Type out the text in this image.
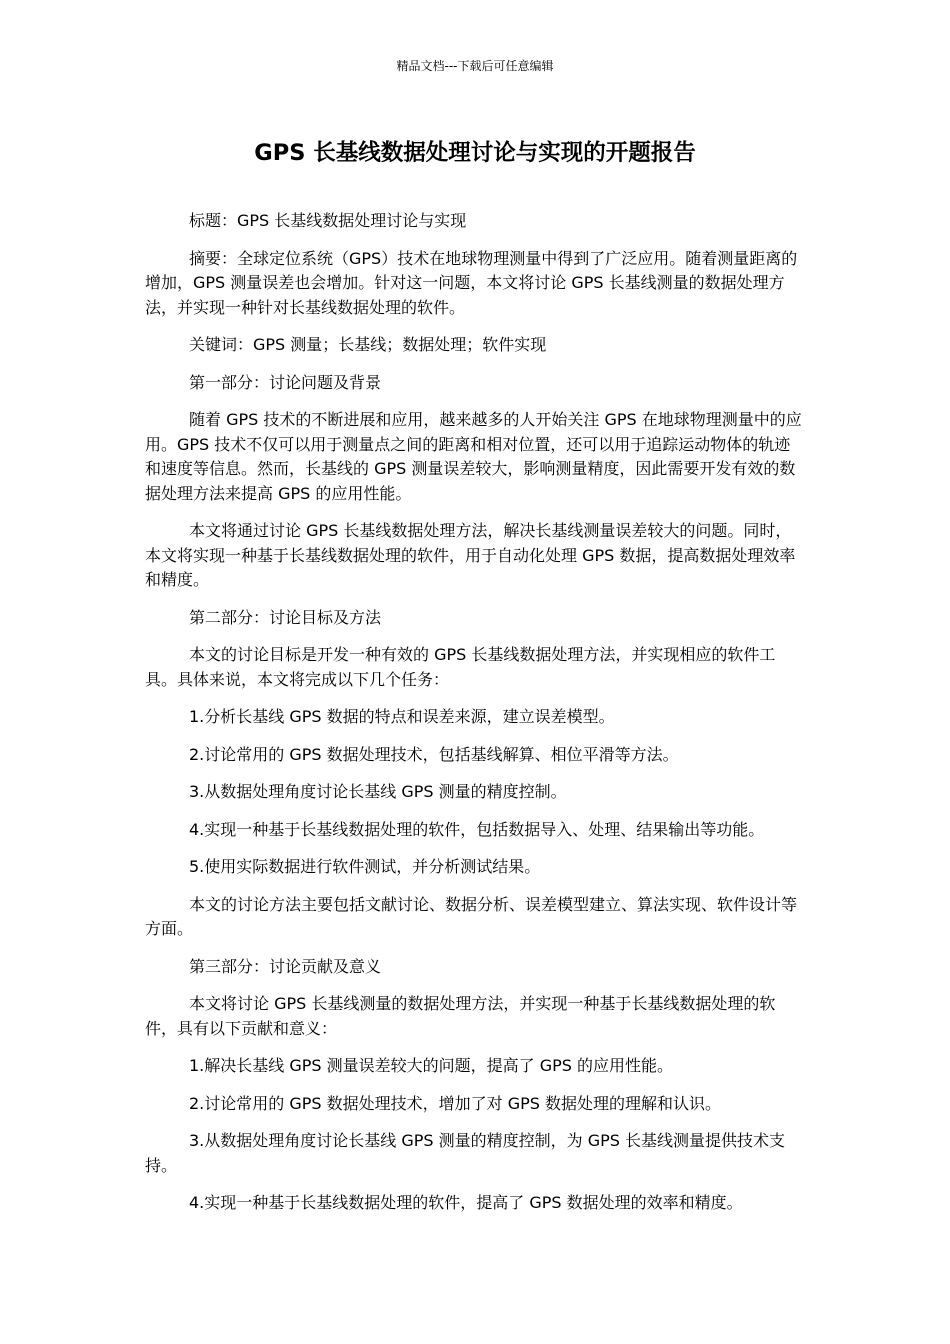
精品文档---下载后可任意编辑
GPS 长基线数据处理讨论与实现的开题报告

标题：GPS 长基线数据处理讨论与实现

摘要：全球定位系统（GPS）技术在地球物理测量中得到了广泛应用。随着测量距离的增加，GPS 测量误差也会增加。针对这一问题，本文将讨论 GPS 长基线测量的数据处理方法，并实现一种针对长基线数据处理的软件。

关键词：GPS 测量；长基线；数据处理；软件实现

第一部分：讨论问题及背景

随着 GPS 技术的不断进展和应用，越来越多的人开始关注 GPS 在地球物理测量中的应用。GPS 技术不仅可以用于测量点之间的距离和相对位置，还可以用于追踪运动物体的轨迹和速度等信息。然而，长基线的 GPS 测量误差较大，影响测量精度，因此需要开发有效的数据处理方法来提高 GPS 的应用性能。

本文将通过讨论 GPS 长基线数据处理方法，解决长基线测量误差较大的问题。同时，本文将实现一种基于长基线数据处理的软件，用于自动化处理 GPS 数据，提高数据处理效率和精度。

第二部分：讨论目标及方法

本文的讨论目标是开发一种有效的 GPS 长基线数据处理方法，并实现相应的软件工具。具体来说，本文将完成以下几个任务：

1.分析长基线 GPS 数据的特点和误差来源，建立误差模型。

2.讨论常用的 GPS 数据处理技术，包括基线解算、相位平滑等方法。

3.从数据处理角度讨论长基线 GPS 测量的精度控制。

4.实现一种基于长基线数据处理的软件，包括数据导入、处理、结果输出等功能。

5.使用实际数据进行软件测试，并分析测试结果。

本文的讨论方法主要包括文献讨论、数据分析、误差模型建立、算法实现、软件设计等方面。

第三部分：讨论贡献及意义

本文将讨论 GPS 长基线测量的数据处理方法，并实现一种基于长基线数据处理的软件，具有以下贡献和意义：

1.解决长基线 GPS 测量误差较大的问题，提高了 GPS 的应用性能。

2.讨论常用的 GPS 数据处理技术，增加了对 GPS 数据处理的理解和认识。

3.从数据处理角度讨论长基线 GPS 测量的精度控制，为 GPS 长基线测量提供技术支持。

4.实现一种基于长基线数据处理的软件，提高了 GPS 数据处理的效率和精度。
